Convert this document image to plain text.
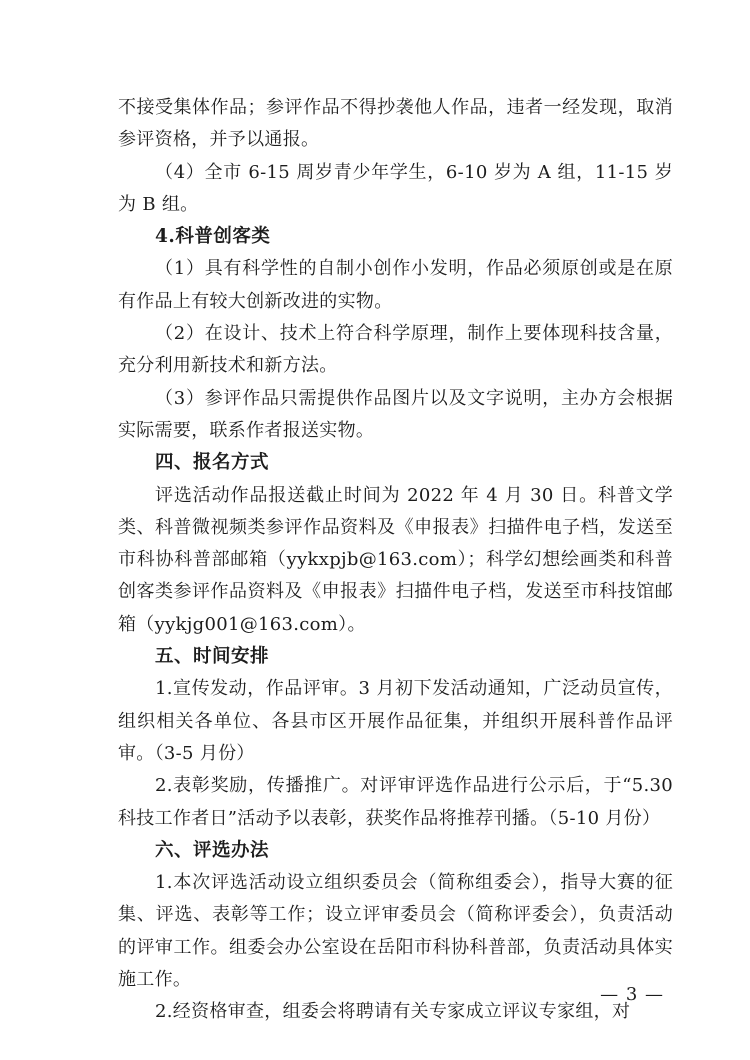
不接受集体作品；参评作品不得抄袭他人作品，违者一经发现，取消参评资格，并予以通报。

（4）全市 6-15 周岁青少年学生，6-10 岁为 A 组，11-15 岁为 B 组。

4.科普创客类

（1）具有科学性的自制小创作小发明，作品必须原创或是在原有作品上有较大创新改进的实物。

（2）在设计、技术上符合科学原理，制作上要体现科技含量，充分利用新技术和新方法。

（3）参评作品只需提供作品图片以及文字说明，主办方会根据实际需要，联系作者报送实物。

四、报名方式

评选活动作品报送截止时间为 2022 年 4 月 30 日。科普文学类、科普微视频类参评作品资料及《申报表》扫描件电子档，发送至市科协科普部邮箱（yykxpjb@163.com）；科学幻想绘画类和科普创客类参评作品资料及《申报表》扫描件电子档，发送至市科技馆邮箱（yykjg001@163.com）。

五、时间安排

1.宣传发动，作品评审。3 月初下发活动通知，广泛动员宣传，组织相关各单位、各县市区开展作品征集，并组织开展科普作品评审。（3-5 月份）

2.表彰奖励，传播推广。对评审评选作品进行公示后，于“5.30 科技工作者日”活动予以表彰，获奖作品将推荐刊播。（5-10 月份）

六、评选办法

1.本次评选活动设立组织委员会（简称组委会），指导大赛的征集、评选、表彰等工作；设立评审委员会（简称评委会），负责活动的评审工作。组委会办公室设在岳阳市科协科普部，负责活动具体实施工作。

2.经资格审查，组委会将聘请有关专家成立评议专家组，对

— 3 —
